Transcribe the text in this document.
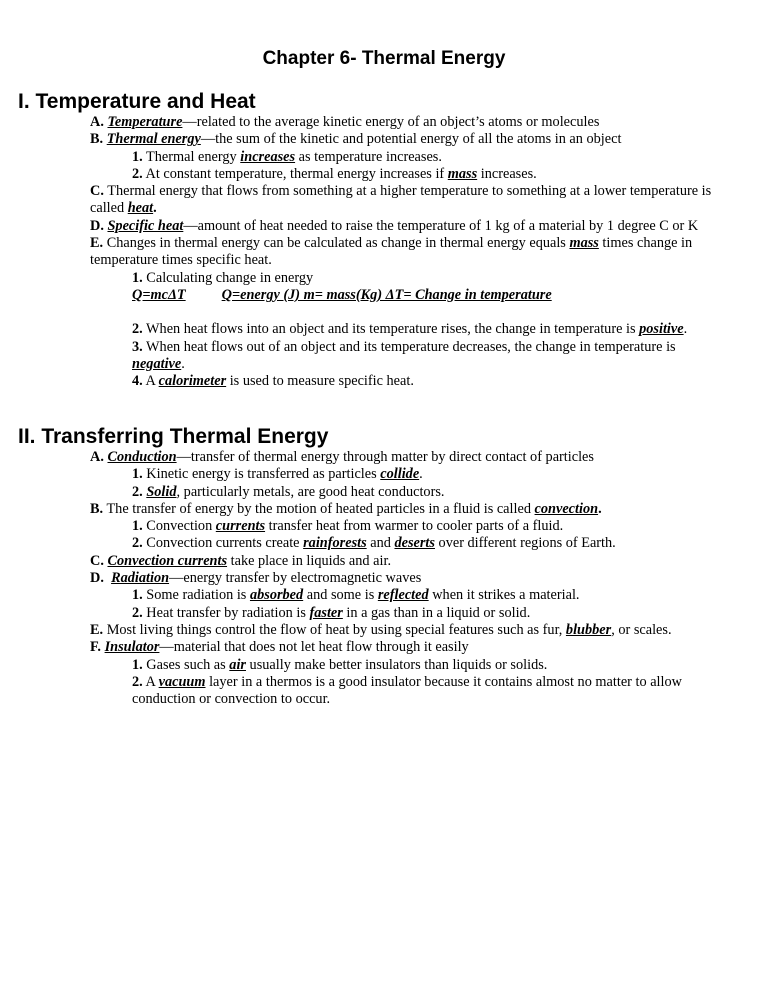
Chapter 6- Thermal Energy
I. Temperature and Heat

A. Temperature—related to the average kinetic energy of an object’s atoms or molecules

B. Thermal energy—the sum of the kinetic and potential energy of all the atoms in an object

1. Thermal energy increases as temperature increases.

2. At constant temperature, thermal energy increases if mass increases.

C. Thermal energy that flows from something at a higher temperature to something at a lower temperature is called heat.

D. Specific heat—amount of heat needed to raise the temperature of 1 kg of a material by 1 degree C or K

E. Changes in thermal energy can be calculated as change in thermal energy equals mass times change in temperature times specific heat.

1. Calculating change in energy

Q=mcΔT	Q=energy (J) m= mass(Kg) ΔT= Change in temperature

2. When heat flows into an object and its temperature rises, the change in temperature is positive.

3. When heat flows out of an object and its temperature decreases, the change in temperature is negative.

4. A calorimeter is used to measure specific heat.

II. Transferring Thermal Energy

A. Conduction—transfer of thermal energy through matter by direct contact of particles

1. Kinetic energy is transferred as particles collide.

2. Solid, particularly metals, are good heat conductors.

B. The transfer of energy by the motion of heated particles in a fluid is called convection.

1. Convection currents transfer heat from warmer to cooler parts of a fluid.

2. Convection currents create rainforests and deserts over different regions of Earth.

C. Convection currents take place in liquids and air.

D. Radiation—energy transfer by electromagnetic waves

1. Some radiation is absorbed and some is reflected when it strikes a material.

2. Heat transfer by radiation is faster in a gas than in a liquid or solid.

E. Most living things control the flow of heat by using special features such as fur, blubber, or scales.

F. Insulator—material that does not let heat flow through it easily

1. Gases such as air usually make better insulators than liquids or solids.

2. A vacuum layer in a thermos is a good insulator because it contains almost no matter to allow conduction or convection to occur.
